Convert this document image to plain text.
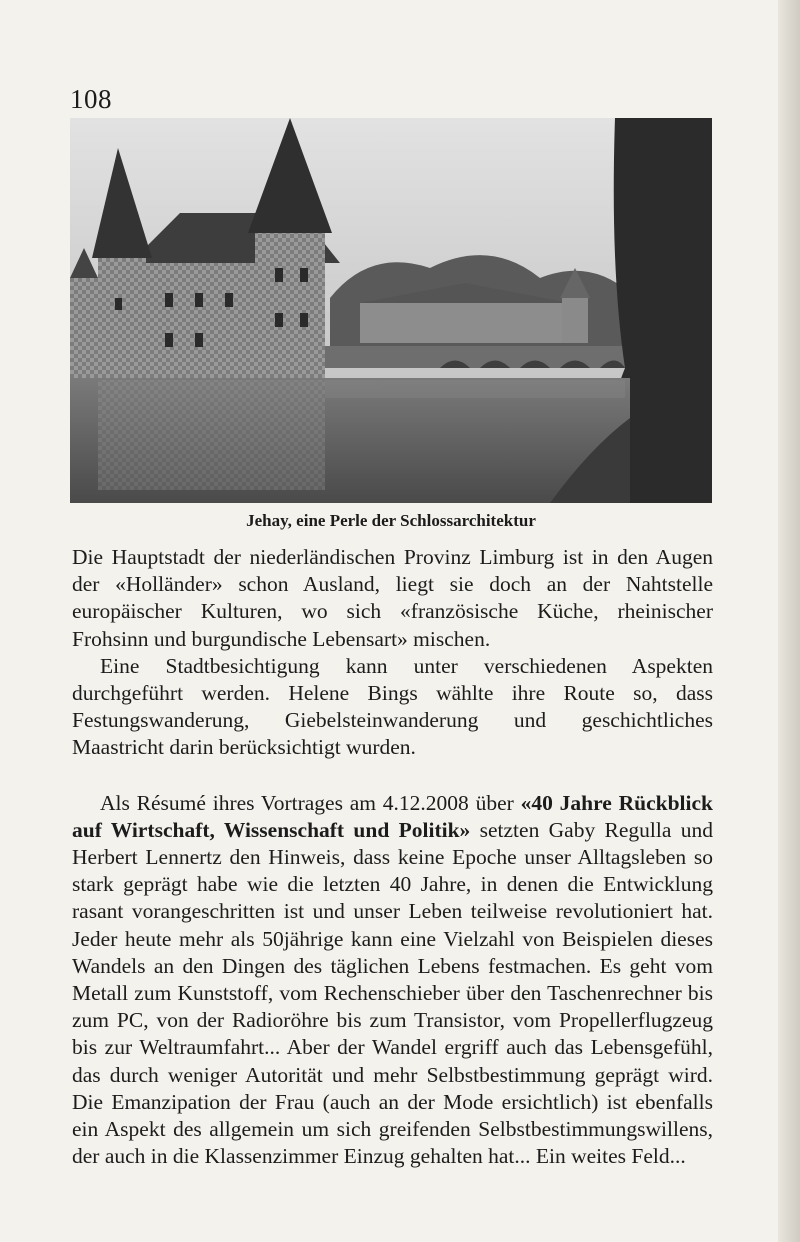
108
Jehay, eine Perle der Schlossarchitektur

Die Hauptstadt der niederländischen Provinz Limburg ist in den Augen der «Holländer» schon Ausland, liegt sie doch an der Nahtstelle europäischer Kulturen, wo sich «französische Küche, rheinischer Frohsinn und burgundische Lebensart» mischen.

Eine Stadtbesichtigung kann unter verschiedenen Aspekten durchgeführt werden. Helene Bings wählte ihre Route so, dass Festungswanderung, Giebelsteinwanderung und geschichtliches Maastricht darin berücksichtigt wurden.

Als Résumé ihres Vortrages am 4.12.2008 über «40 Jahre Rückblick auf Wirtschaft, Wissenschaft und Politik» setzten Gaby Regulla und Herbert Lennertz den Hinweis, dass keine Epoche unser Alltagsleben so stark geprägt habe wie die letzten 40 Jahre, in denen die Entwicklung rasant vorangeschritten ist und unser Leben teilweise revolutioniert hat. Jeder heute mehr als 50jährige kann eine Vielzahl von Beispielen dieses Wandels an den Dingen des täglichen Lebens festmachen. Es geht vom Metall zum Kunststoff, vom Rechenschieber über den Taschenrechner bis zum PC, von der Radioröhre bis zum Transistor, vom Propellerflugzeug bis zur Weltraumfahrt... Aber der Wandel ergriff auch das Lebensgefühl, das durch weniger Autorität und mehr Selbstbestimmung geprägt wird. Die Emanzipation der Frau (auch an der Mode ersichtlich) ist ebenfalls ein Aspekt des allgemein um sich greifenden Selbstbestimmungswillens, der auch in die Klassenzimmer Einzug gehalten hat... Ein weites Feld...
